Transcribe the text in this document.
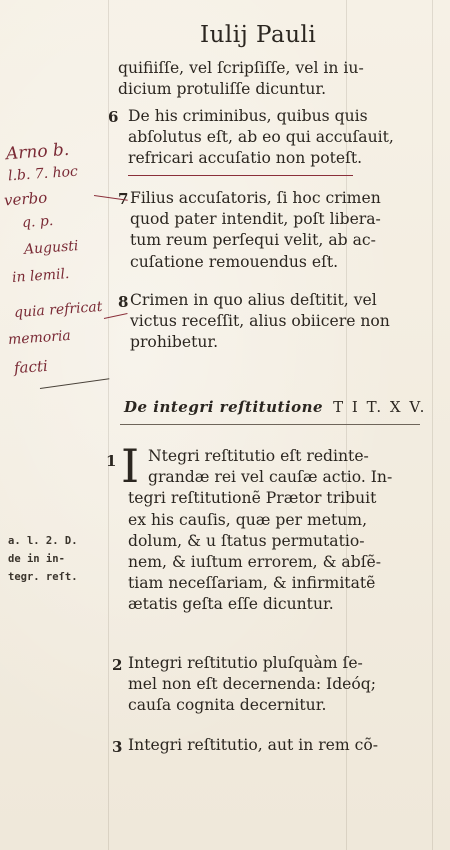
Iulij Pauli
quifiiſſe, vel ſcripſiſſe, vel in iu-
dicium protuliſſe dicuntur.
6 De his criminibus, quibus quis
abſolutus eſt, ab eo qui accuſauit,
refricari accuſatio non poteſt.
Filius accuſatoris, ſi hoc crimen
quod pater intendit, poſt libera-
tum reum perſequi velit, ab ac-
cuſatione remouendus eſt.
8 Crimen in quo alius deſtitit, vel
victus receſſit, alius obiicere non
prohibetur.
De integri reſtitutione T I T. X V.
1 I Ntegri reſtitutio eſt redinte-
grandæ rei vel cauſæ actio. In-
tegri reſtitutionẽ Prætor tribuit
ex his cauſis, quæ per metum,
dolum, & u ſtatus permutatio-
nem, & iuſtum errorem, & abſẽ-
tiam neceſſariam, & infirmitatẽ
ætatis geſta eſſe dicuntur.
a. l. 2. D.
de in in-
tegr. reſt.
2 Integri reſtitutio pluſquàm ſe-
mel non eſt decernenda: Ideóq;
cauſa cognita decernitur.
3 Integri reſtitutio, aut in rem cõ-
Arno b.
l.b. 7. hoc
verbo
q. p.
Augusti
in lemil.
quia refricat
memoria
facti
